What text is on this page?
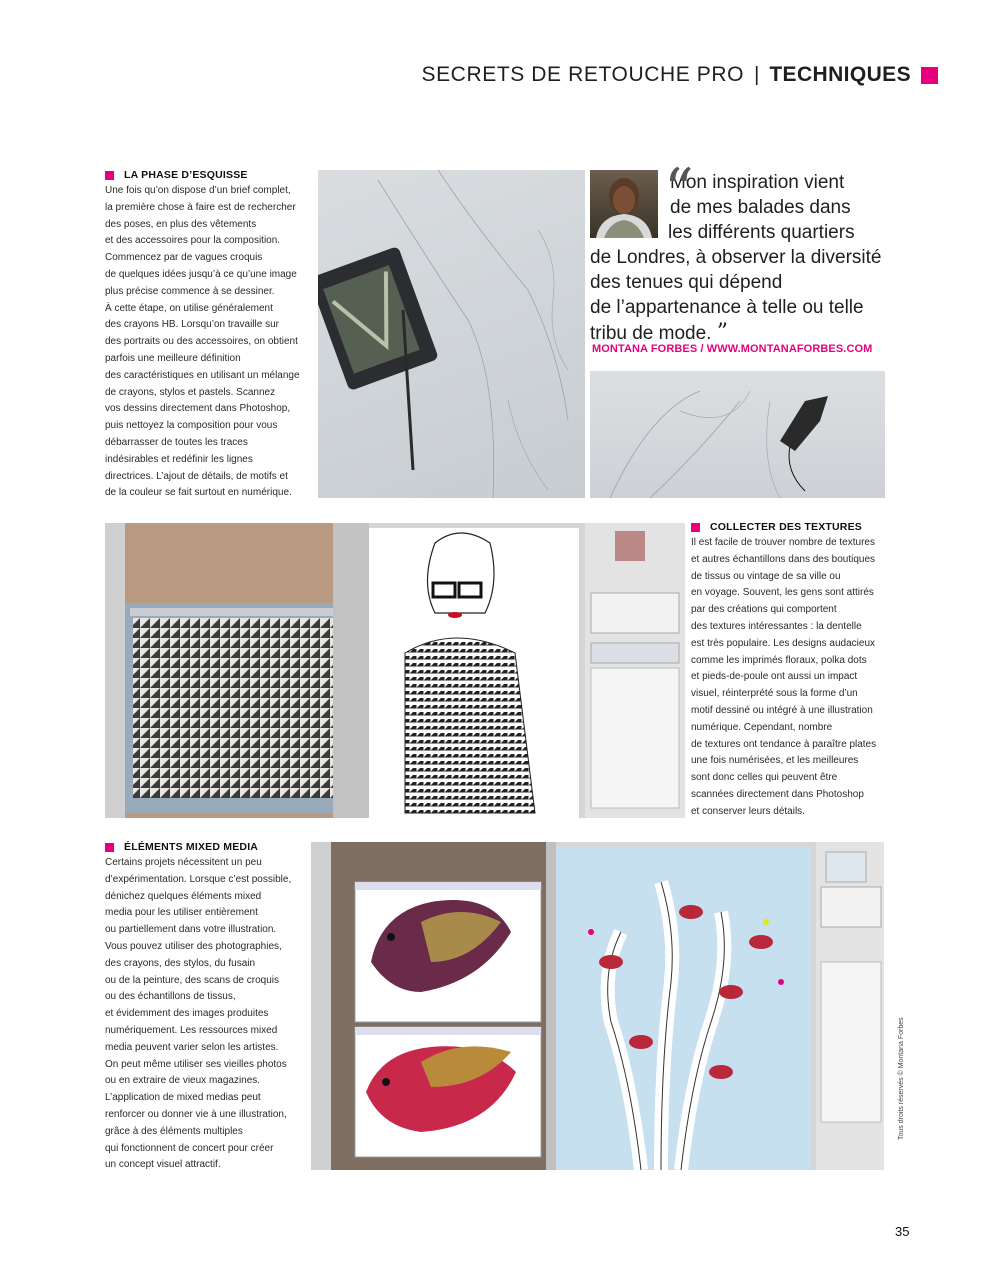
SECRETS DE RETOUCHE PRO | TECHNIQUES
LA PHASE D’ESQUISSE
Une fois qu’on dispose d’un brief complet,
la première chose à faire est de rechercher
des poses, en plus des vêtements
et des accessoires pour la composition.
Commencez par de vagues croquis
de quelques idées jusqu’à ce qu’une image
plus précise commence à se dessiner.
À cette étape, on utilise généralement
des crayons HB. Lorsqu’on travaille sur
des portraits ou des accessoires, on obtient
parfois une meilleure définition
des caractéristiques en utilisant un mélange
de crayons, stylos et pastels. Scannez
vos dessins directement dans Photoshop,
puis nettoyez la composition pour vous
débarrasser de toutes les traces
indésirables et redéfinir les lignes
directrices. L’ajout de détails, de motifs et
de la couleur se fait surtout en numérique.
Mon inspiration vient
de mes balades dans
les différents quartiers
de Londres, à observer la diversité
des tenues qui dépend
de l’appartenance à telle ou telle
tribu de mode. ”
“
MONTANA FORBES / WWW.MONTANAFORBES.COM
COLLECTER DES TEXTURES
Il est facile de trouver nombre de textures
et autres échantillons dans des boutiques
de tissus ou vintage de sa ville ou
en voyage. Souvent, les gens sont attirés
par des créations qui comportent
des textures intéressantes : la dentelle
est très populaire. Les designs audacieux
comme les imprimés floraux, polka dots
et pieds-de-poule ont aussi un impact
visuel, réinterprété sous la forme d’un
motif dessiné ou intégré à une illustration
numérique. Cependant, nombre
de textures ont tendance à paraître plates
une fois numérisées, et les meilleures
sont donc celles qui peuvent être
scannées directement dans Photoshop
et conserver leurs détails.
ÉLÉMENTS MIXED MEDIA
Certains projets nécessitent un peu
d’expérimentation. Lorsque c’est possible,
dénichez quelques éléments mixed
media pour les utiliser entièrement
ou partiellement dans votre illustration.
Vous pouvez utiliser des photographies,
des crayons, des stylos, du fusain
ou de la peinture, des scans de croquis
ou des échantillons de tissus,
et évidemment des images produites
numériquement. Les ressources mixed
media peuvent varier selon les artistes.
On peut même utiliser ses vieilles photos
ou en extraire de vieux magazines.
L’application de mixed medias peut
renforcer ou donner vie à une illustration,
grâce à des éléments multiples
qui fonctionnent de concert pour créer
un concept visuel attractif.
Tous droits réservés © Montana Forbes
35
